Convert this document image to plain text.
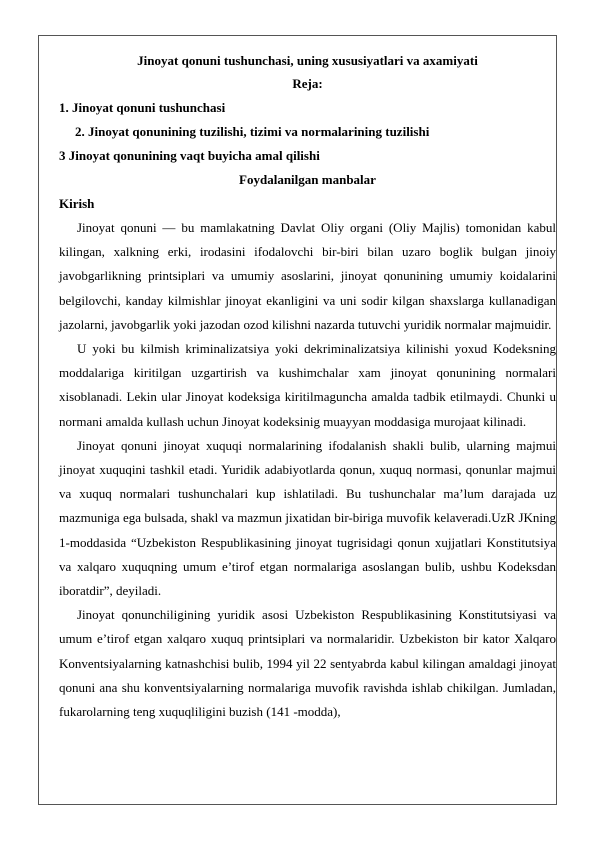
Jinoyat qonuni tushunchasi, uning xususiyatlari va axamiyati
Reja:
1. Jinoyat qonuni tushunchasi
2. Jinoyat qonunining tuzilishi, tizimi va normalarining tuzilishi
3 Jinoyat qonunining vaqt buyicha amal qilishi
Foydalanilgan manbalar
Kirish

Jinoyat qonuni — bu mamlakatning Davlat Oliy organi (Oliy Majlis) tomonidan kabul kilingan, xalkning erki, irodasini ifodalovchi bir-biri bilan uzaro boglik bulgan jinoiy javobgarlikning printsiplari va umumiy asoslarini, jinoyat qonunining umumiy koidalarini belgilovchi, kanday kilmishlar jinoyat ekanligini va uni sodir kilgan shaxslarga kullanadigan jazolarni, javobgarlik yoki jazodan ozod kilishni nazarda tutuvchi yuridik normalar majmuidir.

U yoki bu kilmish kriminalizatsiya yoki dekriminalizatsiya kilinishi yoxud Kodeksning moddalariga kiritilgan uzgartirish va kushimchalar xam jinoyat qonunining normalari xisoblanadi. Lekin ular Jinoyat kodeksiga kiritilmaguncha amalda tadbik etilmaydi. Chunki u normani amalda kullash uchun Jinoyat kodeksinig muayyan moddasiga murojaat kilinadi.

Jinoyat qonuni jinoyat xuquqi normalarining ifodalanish shakli bulib, ularning majmui jinoyat xuquqini tashkil etadi. Yuridik adabiyotlarda qonun, xuquq normasi, qonunlar majmui va xuquq normalari tushunchalari kup ishlatiladi. Bu tushunchalar ma’lum darajada uz mazmuniga ega bulsada, shakl va mazmun jixatidan bir-biriga muvofik kelaveradi.UzR JKning 1-moddasida “Uzbekiston Respublikasining jinoyat tugrisidagi qonun xujjatlari Konstitutsiya va xalqaro xuquqning umum e’tirof etgan normalariga asoslangan bulib, ushbu Kodeksdan iboratdir”, deyiladi.

Jinoyat qonunchiligining yuridik asosi Uzbekiston Respublikasining Konstitutsiyasi va umum e’tirof etgan xalqaro xuquq printsiplari va normalaridir. Uzbekiston bir kator Xalqaro Konventsiyalarning katnashchisi bulib, 1994 yil 22 sentyabrda kabul kilingan amaldagi jinoyat qonuni ana shu konventsiyalarning normalariga muvofik ravishda ishlab chikilgan. Jumladan, fukarolarning teng xuquqliligini buzish (141 -modda),
